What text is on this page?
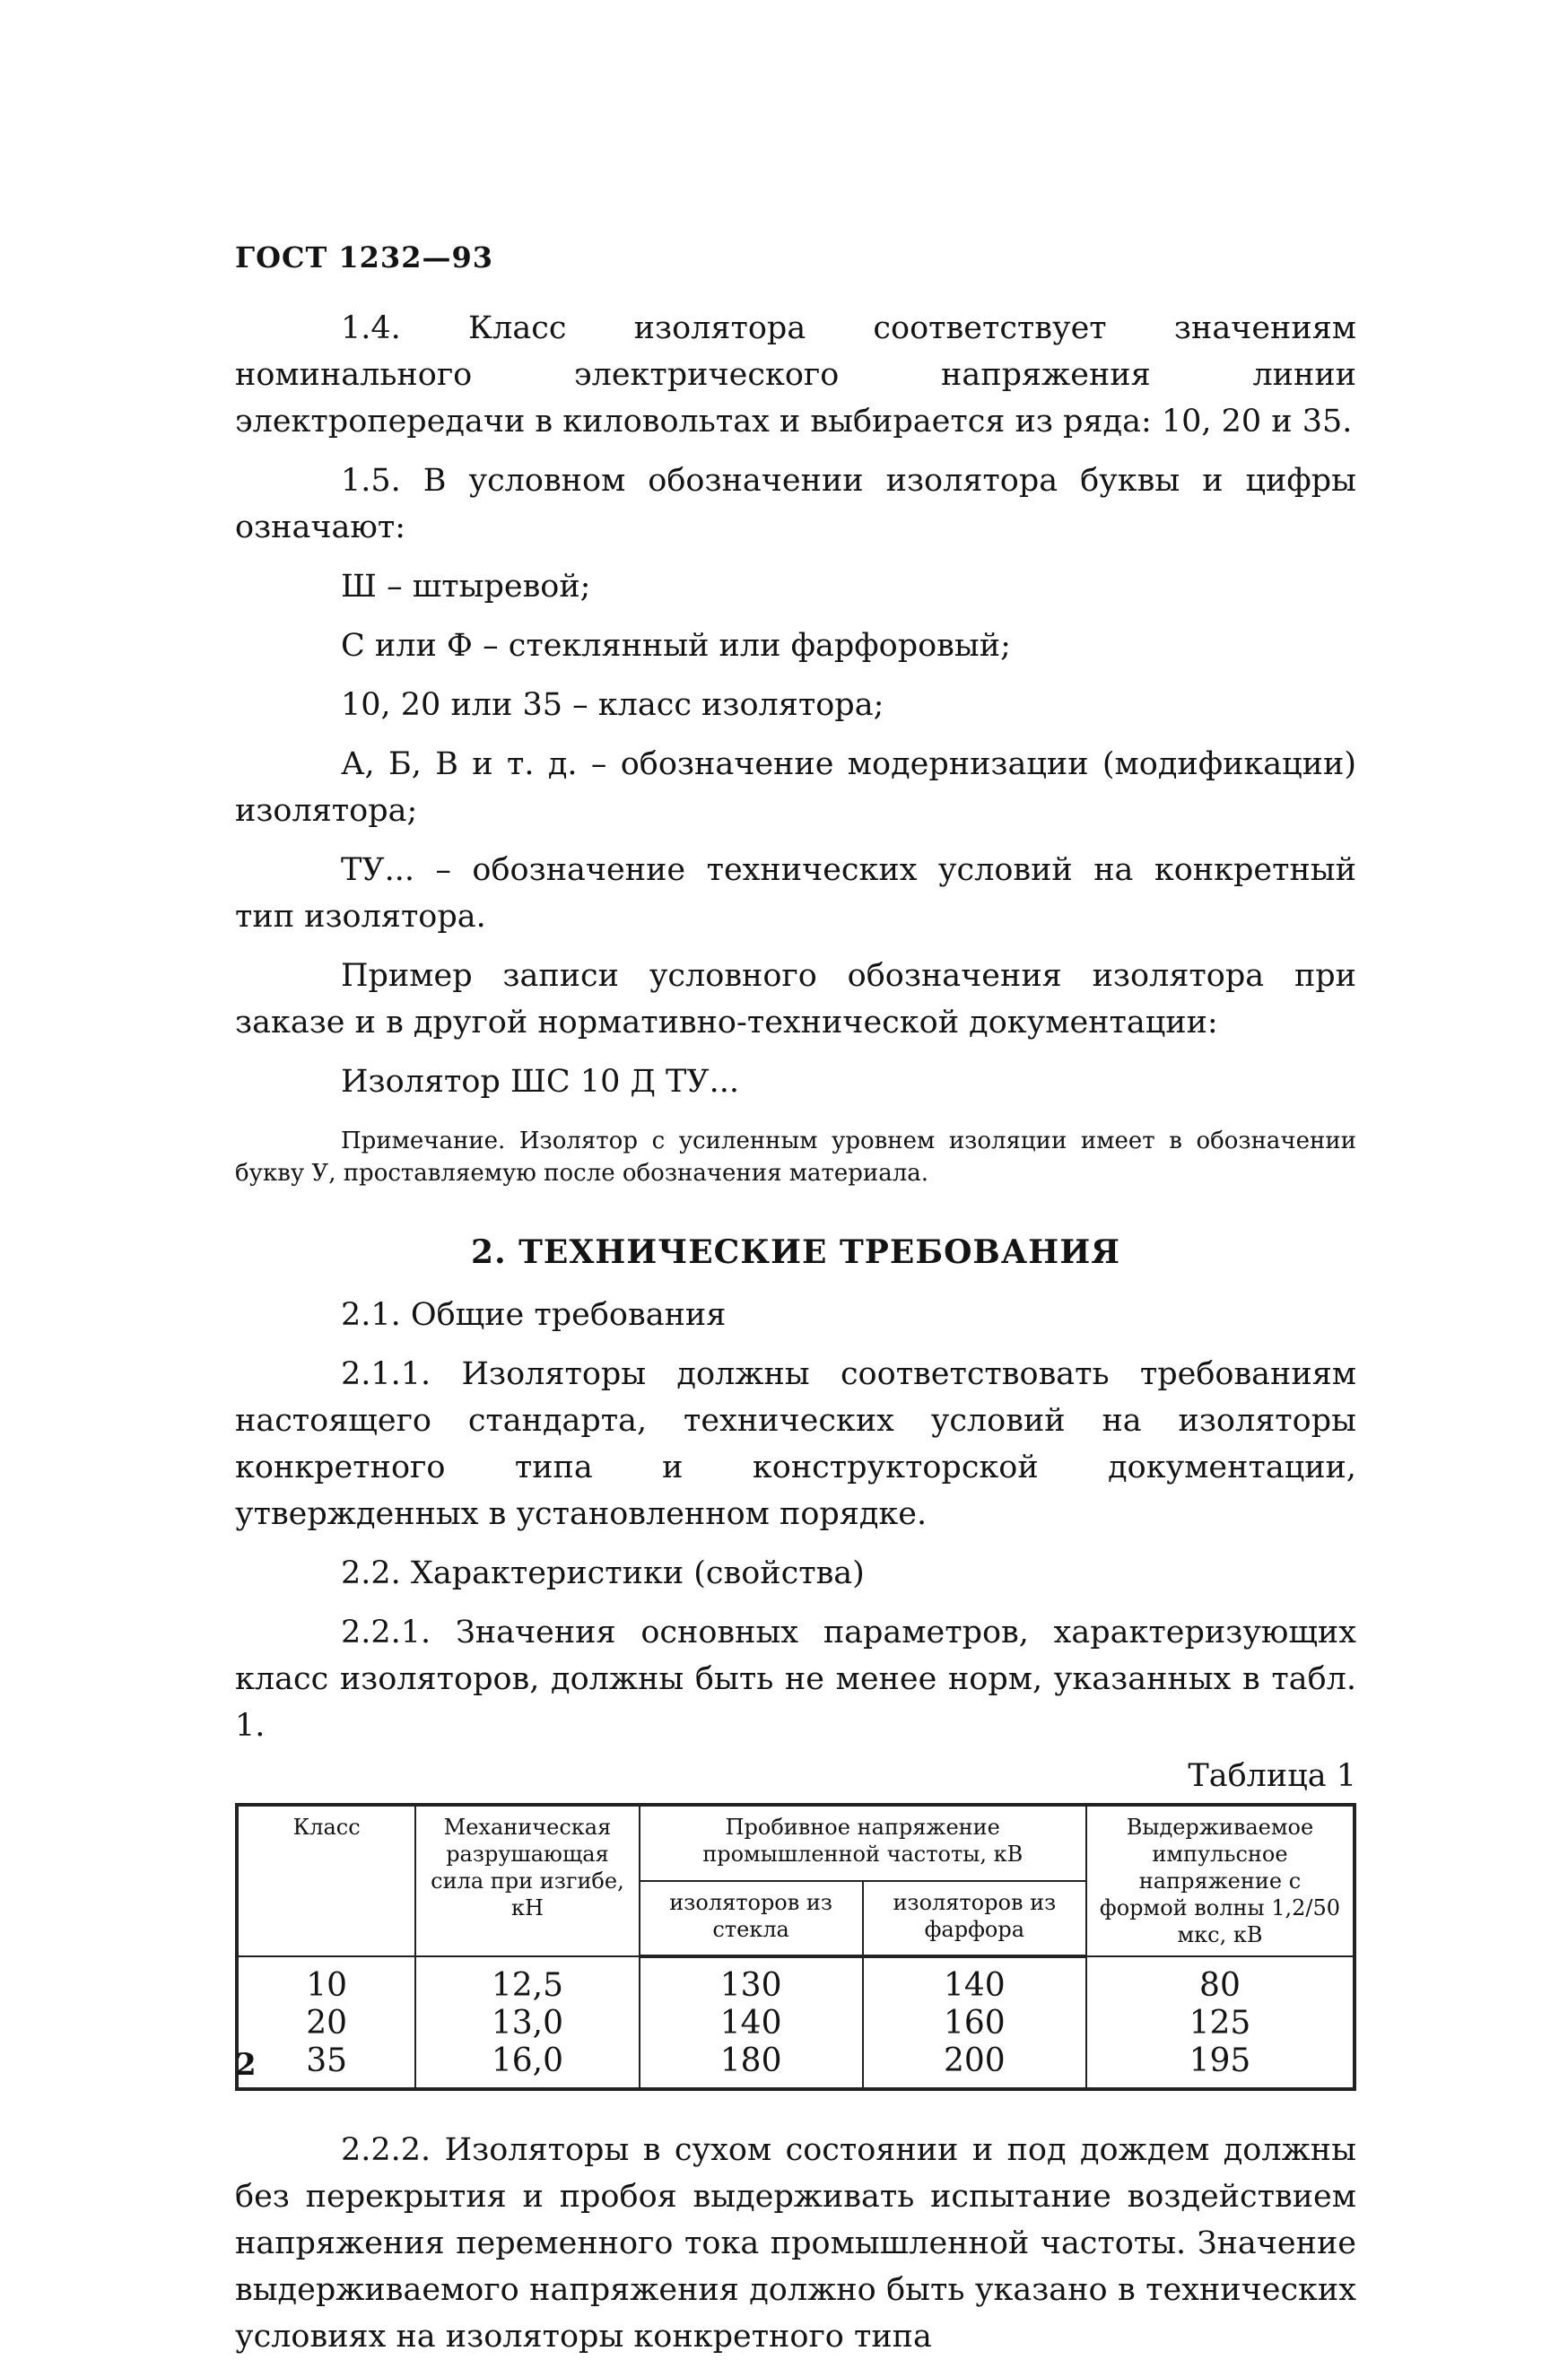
ГОСТ 1232—93

1.4. Класс изолятора соответствует значениям номинального электрического напряжения линии электропередачи в киловольтах и выбирается из ряда: 10, 20 и 35.

1.5. В условном обозначении изолятора буквы и цифры означают:

Ш – штыревой;

С или Ф – стеклянный или фарфоровый;

10, 20 или 35 – класс изолятора;

А, Б, В и т. д. – обозначение модернизации (модификации) изолятора;

ТУ... – обозначение технических условий на конкретный тип изолятора.

Пример записи условного обозначения изолятора при заказе и в другой нормативно-технической документации:

Изолятор ШС 10 Д ТУ...

Примечание. Изолятор с усиленным уровнем изоляции имеет в обозначении букву У, проставляемую после обозначения материала.

2. ТЕХНИЧЕСКИЕ ТРЕБОВАНИЯ

2.1. Общие требования

2.1.1. Изоляторы должны соответствовать требованиям настоящего стандарта, технических условий на изоляторы конкретного типа и конструкторской документации, утвержденных в установленном порядке.

2.2. Характеристики (свойства)

2.2.1. Значения основных параметров, характеризующих класс изоляторов, должны быть не менее норм, указанных в табл. 1.

Таблица 1
Класс	Механическая разрушающая сила при изгибе, кН	Пробивное напряжение промышленной частоты, кВ		Выдерживаемое импульсное напряжение с формой волны 1,2/50 мкс, кВ
		изоляторов из стекла	изоляторов из фарфора	
10	12,5	130	140	80
20	13,0	140	160	125
35	16,0	180	200	195

2.2.2. Изоляторы в сухом состоянии и под дождем должны без перекрытия и пробоя выдерживать испытание воздействием напряжения переменного тока промышленной частоты. Значение выдерживаемого напряжения должно быть указано в технических условиях на изоляторы конкретного типа

2
